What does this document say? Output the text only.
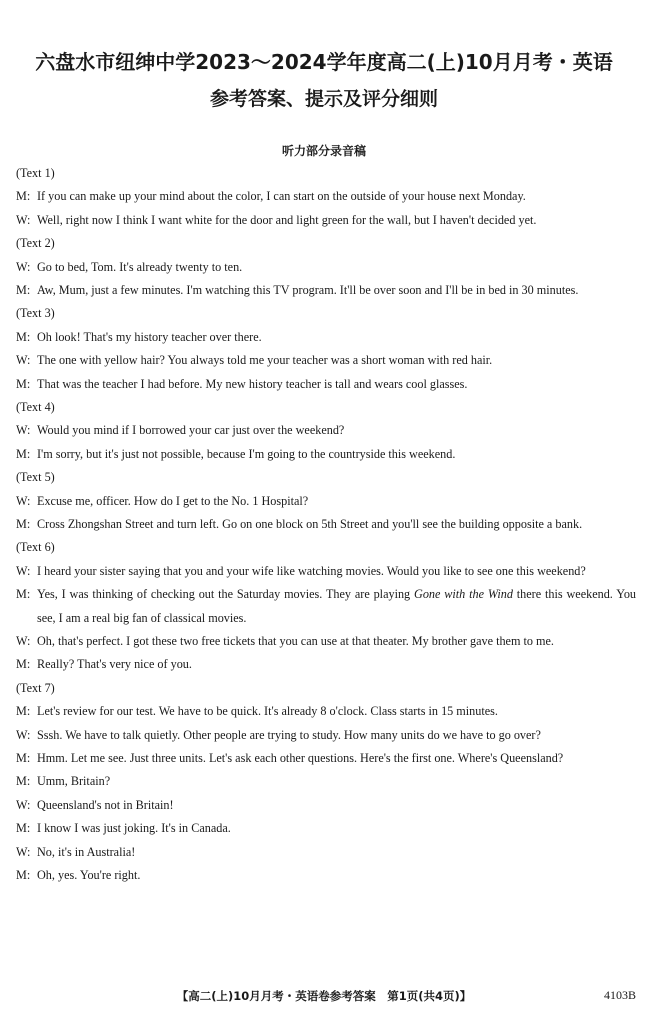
六盘水市纽绅中学2023～2024学年度高二(上)10月月考・英语
参考答案、提示及评分细则
听力部分录音稿
(Text 1)
M: If you can make up your mind about the color, I can start on the outside of your house next Monday.
W: Well, right now I think I want white for the door and light green for the wall, but I haven't decided yet.
(Text 2)
W: Go to bed, Tom. It's already twenty to ten.
M: Aw, Mum, just a few minutes. I'm watching this TV program. It'll be over soon and I'll be in bed in 30 minutes.
(Text 3)
M: Oh look! That's my history teacher over there.
W: The one with yellow hair? You always told me your teacher was a short woman with red hair.
M: That was the teacher I had before. My new history teacher is tall and wears cool glasses.
(Text 4)
W: Would you mind if I borrowed your car just over the weekend?
M: I'm sorry, but it's just not possible, because I'm going to the countryside this weekend.
(Text 5)
W: Excuse me, officer. How do I get to the No. 1 Hospital?
M: Cross Zhongshan Street and turn left. Go on one block on 5th Street and you'll see the building opposite a bank.
(Text 6)
W: I heard your sister saying that you and your wife like watching movies. Would you like to see one this weekend?
M: Yes, I was thinking of checking out the Saturday movies. They are playing Gone with the Wind there this weekend. You see, I am a real big fan of classical movies.
W: Oh, that's perfect. I got these two free tickets that you can use at that theater. My brother gave them to me.
M: Really? That's very nice of you.
(Text 7)
M: Let's review for our test. We have to be quick. It's already 8 o'clock. Class starts in 15 minutes.
W: Sssh. We have to talk quietly. Other people are trying to study. How many units do we have to go over?
M: Hmm. Let me see. Just three units. Let's ask each other questions. Here's the first one. Where's Queensland?
M: Umm, Britain?
W: Queensland's not in Britain!
M: I know I was just joking. It's in Canada.
W: No, it's in Australia!
M: Oh, yes. You're right.
【高二(上)10月月考・英语卷参考答案　第1页(共4页)】	4103B
